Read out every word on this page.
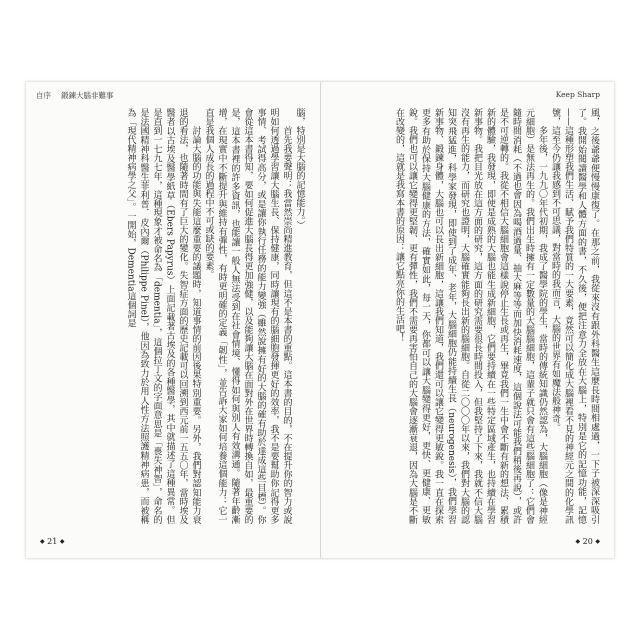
自序 鍛鍊大腦非難事

腦，特別是大腦的記憶能力。）

首先我要聲明：我當然崇尚精進教育，但這不是本書的重點。這本書的目的，不在提升你的智力或說明如何透過學習讓大腦生長、保持健康，同時讓現有的腦細胞發揮更好的效率，我不是要幫助你記得更多事情、考試得高分，或是讓你執行任務的能力變強（雖然說擁有好的大腦的確有助於達成這些目標）。你會從這本書得知，要如何促進大腦長得更加強健，以及能夠讓大腦在面對外在世界時轉換自如，最重要的是，這本書裡的許多資訊，也能讓一般人無法受到在社會情境、懂得如何與別人有效溝通。隨著年齡漸增，在現實中不斷提升與維持有彈性，有時更明確的定義「韌性」，並告訴大家如何培養這個能力：它一直是我個人成長的過程中不可或缺的要素。

討論大腦的功能與失能這麼重要的議題時，知道事情的前因後果特別重要。另外，我們對認知能力衰退的看法，也隨著時間有了巨大的變化。失智症方面的歷史記載可以回溯到西元前一五五〇年，當時埃及醫者以古埃及醫學紙草（Ebers Papyrus）上面記載著古埃及的各種醫學，其中就描述了這種異常。但是直到一七九七年，這種現象才被命名為「dementia」，這個拉丁文的字面意思是「喪失神智」，命名的是法國精神科醫生菲利普．皮內爾（Philippe Pinel），他因為致力於用人性方法照護精神病患，而被稱為「現代精神病學之父」。一開始，Dementia這個詞是

◆ 21 ◆
Keep Sharp

風，之後爺爺便慢慢康復了。在那之前，我從來沒有跟外科醫生這麼長時間相處過，一下子被深深吸引了。我開始閱讀醫學和人體方面的書，不久後，便把注意力全放在大腦上，特別是它的記憶功能，記憶——這種形塑我們生活、賦予我們特質的一大要素，竟然可以簡化成大腦裡看不見的神經元之間的化學訊號，這至今仍讓我感到不可思議，對當時的我而言，大腦的世界有如魔法般神奇。

多年後，一九九〇年代初期，我成了醫學院的學生，當時的傳統知識仍然認為，大腦細胞（像是神經元細胞）是無法再生的。我們出生時擁有一定數量的大腦腦細胞，這輩子就只會有這些腦細胞了：它們會隨時間消耗（不過也會因為喝酒過量、抽大麻等等而加快消耗速度，這個說法可能我們稍後再說），或許是不可逆轉的。我從不相信大腦細胞會這樣說停止生長或再生，畢竟我們一生中會不斷有新的想法、累積新的體驗，我發現，即使是成熟的大腦也能生成新細胞，它們要持續在一些特定區域產生，也持續在學習新事物。我把目光放在這方面的研究，這方面的研究需要很長時間投入，但我堅持了下來，我就不信大腦沒有再生的能力，而研究也證明，大腦確實能夠長出新的腦細胞。自從二〇〇〇年以來，我們對大腦的認知突飛猛進，科學家發現，即使到了成年、老年，大腦細胞仍能持續生長（neurogenesis），我們學習新事物、鍛鍊身體，大腦也可以長出新細胞，這讓我們知道，我們還可以讓它變得更敏銳。我一直在探索更多有助於保持大腦健康的方法，確實如此，每一天，你都可以讓大腦變得更好，更快、更健康、更敏銳。我們也可以讓它變得更堅韌、更有彈性，我們不需要再害怕自己的大腦會逐漸衰退，因為大腦是不斷在改變的，這就是我寫本書的原因：讓它點亮你的生活吧！

◆ 20 ◆
